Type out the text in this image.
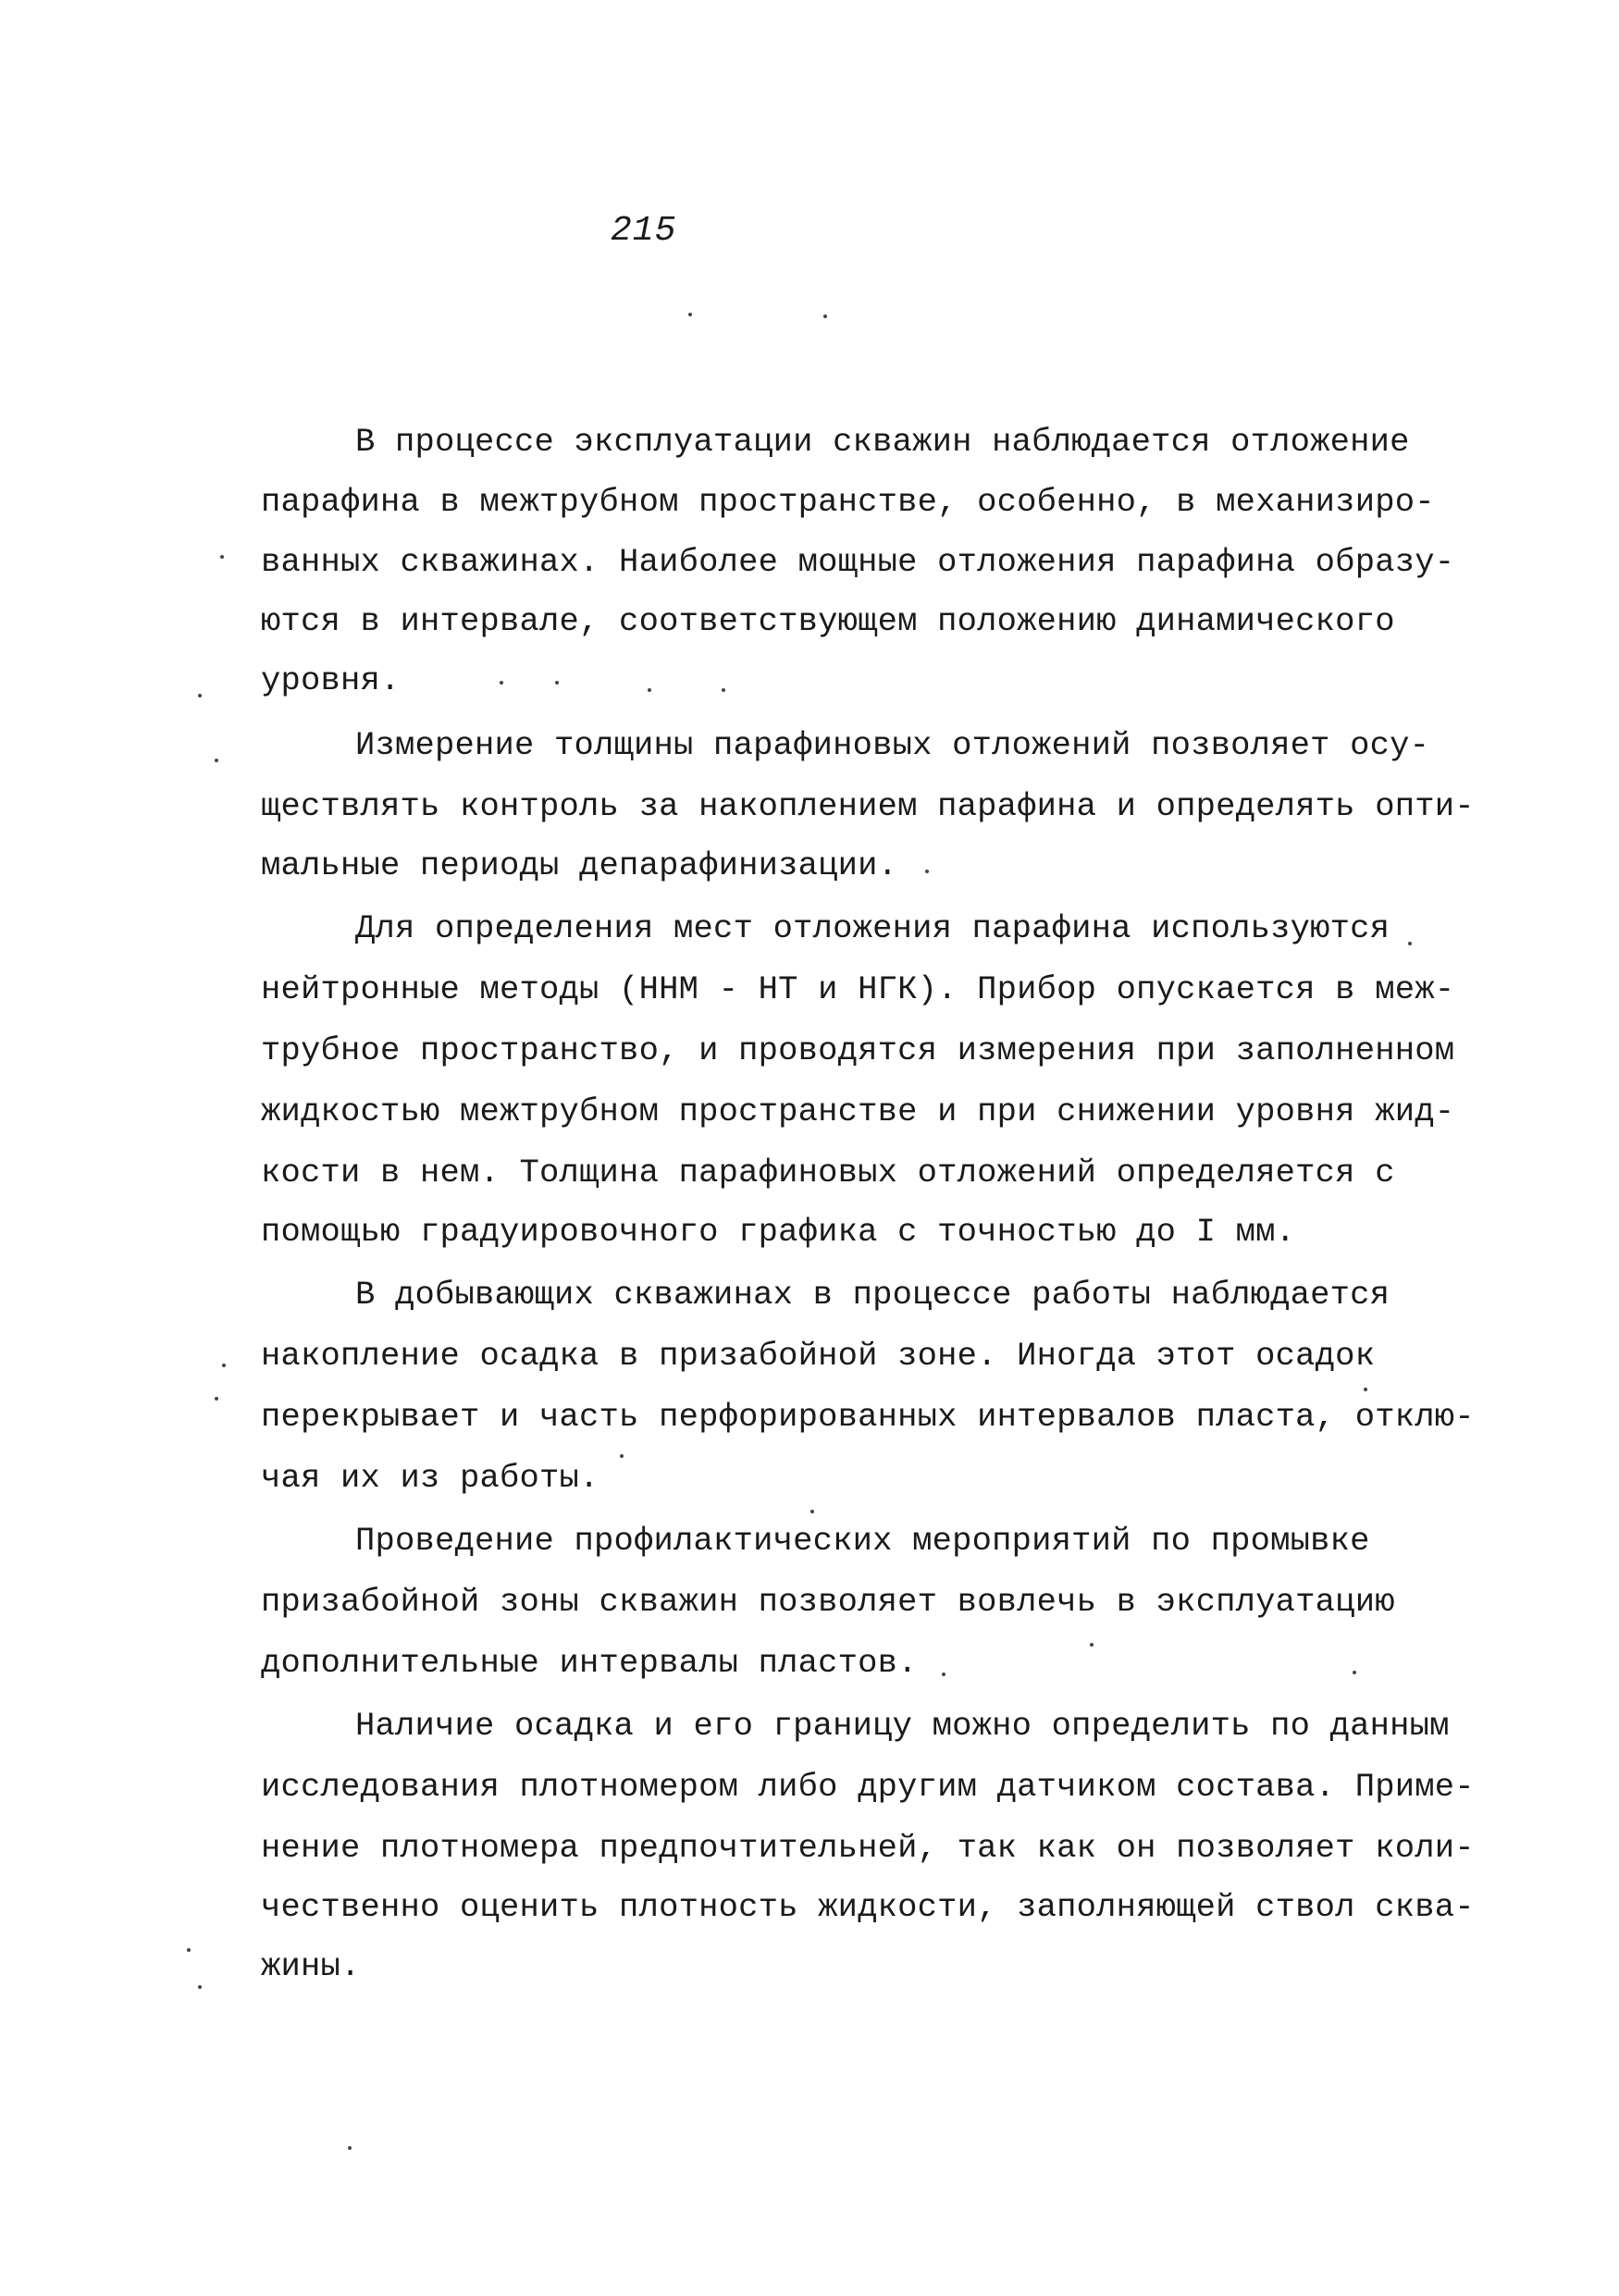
215
В процессе эксплуатации скважин наблюдается отложение
парафина в межтрубном пространстве, особенно, в механизиро-
ванных скважинах. Наиболее мощные отложения парафина образу-
ются в интервале, соответствующем положению динамического
уровня.
Измерение толщины парафиновых отложений позволяет осу-
ществлять контроль за накоплением парафина и определять опти-
мальные периоды депарафинизации.
Для определения мест отложения парафина используются
нейтронные методы (ННМ - НТ и НГК). Прибор опускается в меж-
трубное пространство, и проводятся измерения при заполненном
жидкостью межтрубном пространстве и при снижении уровня жид-
кости в нем. Толщина парафиновых отложений определяется с
помощью градуировочного графика с точностью до I мм.
В добывающих скважинах в процессе работы наблюдается
накопление осадка в призабойной зоне. Иногда этот осадок
перекрывает и часть перфорированных интервалов пласта, отклю-
чая их из работы.
Проведение профилактических мероприятий по промывке
призабойной зоны скважин позволяет вовлечь в эксплуатацию
дополнительные интервалы пластов.
Наличие осадка и его границу можно определить по данным
исследования плотномером либо другим датчиком состава. Приме-
нение плотномера предпочтительней, так как он позволяет коли-
чественно оценить плотность жидкости, заполняющей ствол сква-
жины.
